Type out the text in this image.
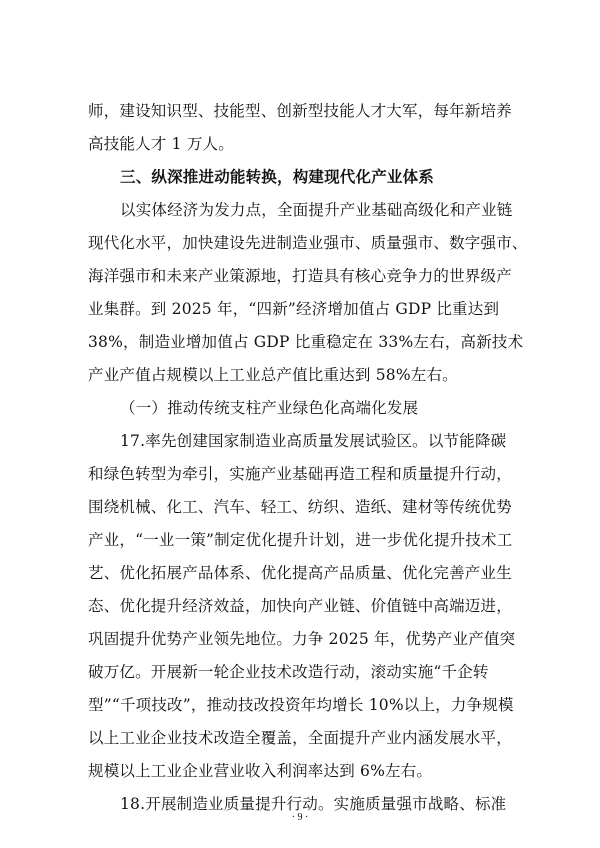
师，建设知识型、技能型、创新型技能人才大军，每年新培养
高技能人才 1 万人。
三、纵深推进动能转换，构建现代化产业体系
以实体经济为发力点，全面提升产业基础高级化和产业链
现代化水平，加快建设先进制造业强市、质量强市、数字强市、
海洋强市和未来产业策源地，打造具有核心竞争力的世界级产
业集群。到 2025 年，“四新”经济增加值占 GDP 比重达到
38%，制造业增加值占 GDP 比重稳定在 33%左右，高新技术
产业产值占规模以上工业总产值比重达到 58%左右。
（一）推动传统支柱产业绿色化高端化发展
17.率先创建国家制造业高质量发展试验区。以节能降碳
和绿色转型为牵引，实施产业基础再造工程和质量提升行动，
围绕机械、化工、汽车、轻工、纺织、造纸、建材等传统优势
产业，“一业一策”制定优化提升计划，进一步优化提升技术工
艺、优化拓展产品体系、优化提高产品质量、优化完善产业生
态、优化提升经济效益，加快向产业链、价值链中高端迈进，
巩固提升优势产业领先地位。力争 2025 年，优势产业产值突
破万亿。开展新一轮企业技术改造行动，滚动实施“千企转
型”“千项技改”，推动技改投资年均增长 10%以上，力争规模
以上工业企业技术改造全覆盖，全面提升产业内涵发展水平，
规模以上工业企业营业收入利润率达到 6%左右。
18.开展制造业质量提升行动。实施质量强市战略、标准
· 9 ·
